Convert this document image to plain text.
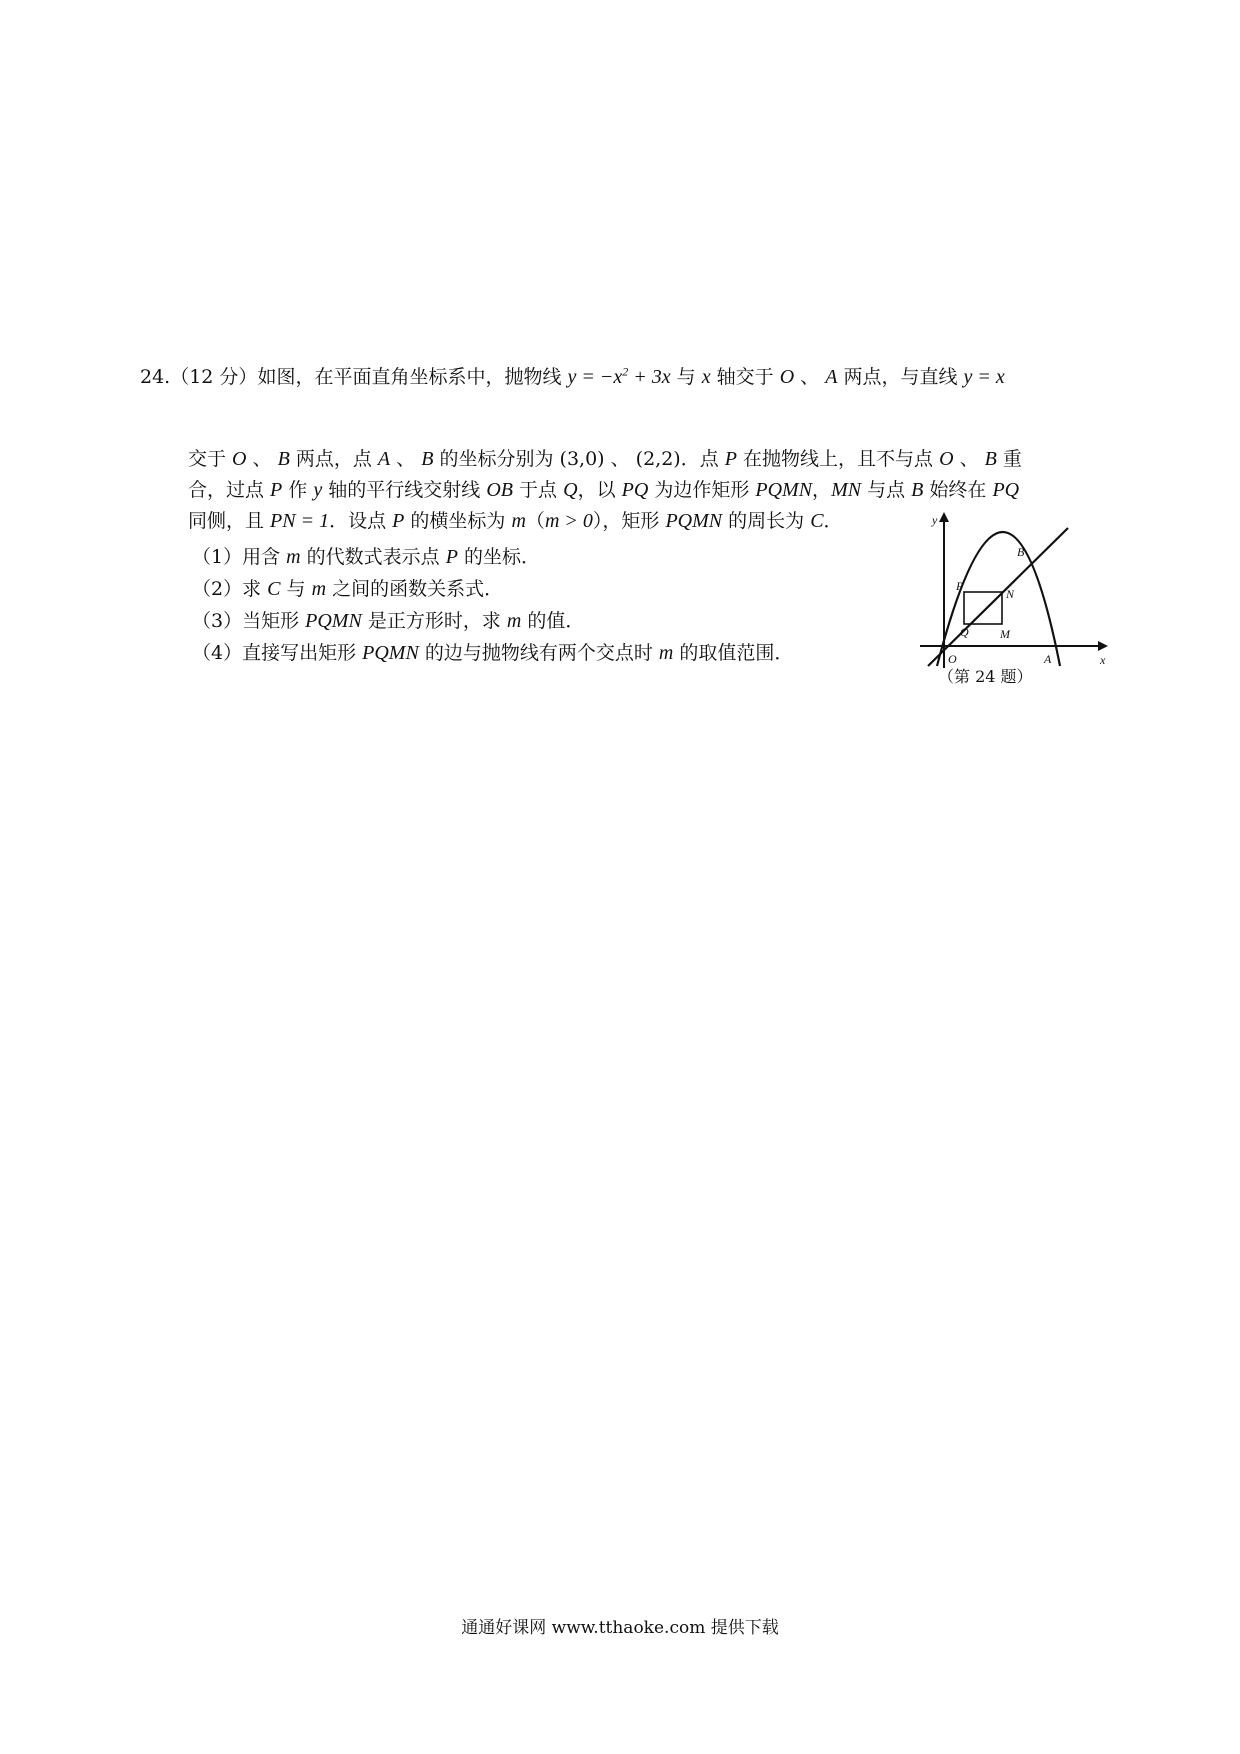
24.（12 分）如图，在平面直角坐标系中，抛物线 $y = -x^2 + 3x$ 与 x 轴交于 O 、 A 两点，与直线 y = x
交于 O 、 B 两点，点 A 、 B 的坐标分别为 (3,0) 、 (2,2)．点 P 在抛物线上，且不与点 O 、 B 重
合，过点 P 作 y 轴的平行线交射线 OB 于点 Q，以 PQ 为边作矩形 PQMN，MN 与点 B 始终在 PQ
同侧，且 PN = 1．设点 P 的横坐标为 m（m > 0），矩形 PQMN 的周长为 C．
（1）用含 m 的代数式表示点 P 的坐标．
（2）求 C 与 m 之间的函数关系式．
（3）当矩形 PQMN 是正方形时，求 m 的值．
（4）直接写出矩形 PQMN 的边与抛物线有两个交点时 m 的取值范围．
y
x
O	A
B
P
N
Q	M
（第 24 题）
通通好课网 www.tthaoke.com 提供下载
